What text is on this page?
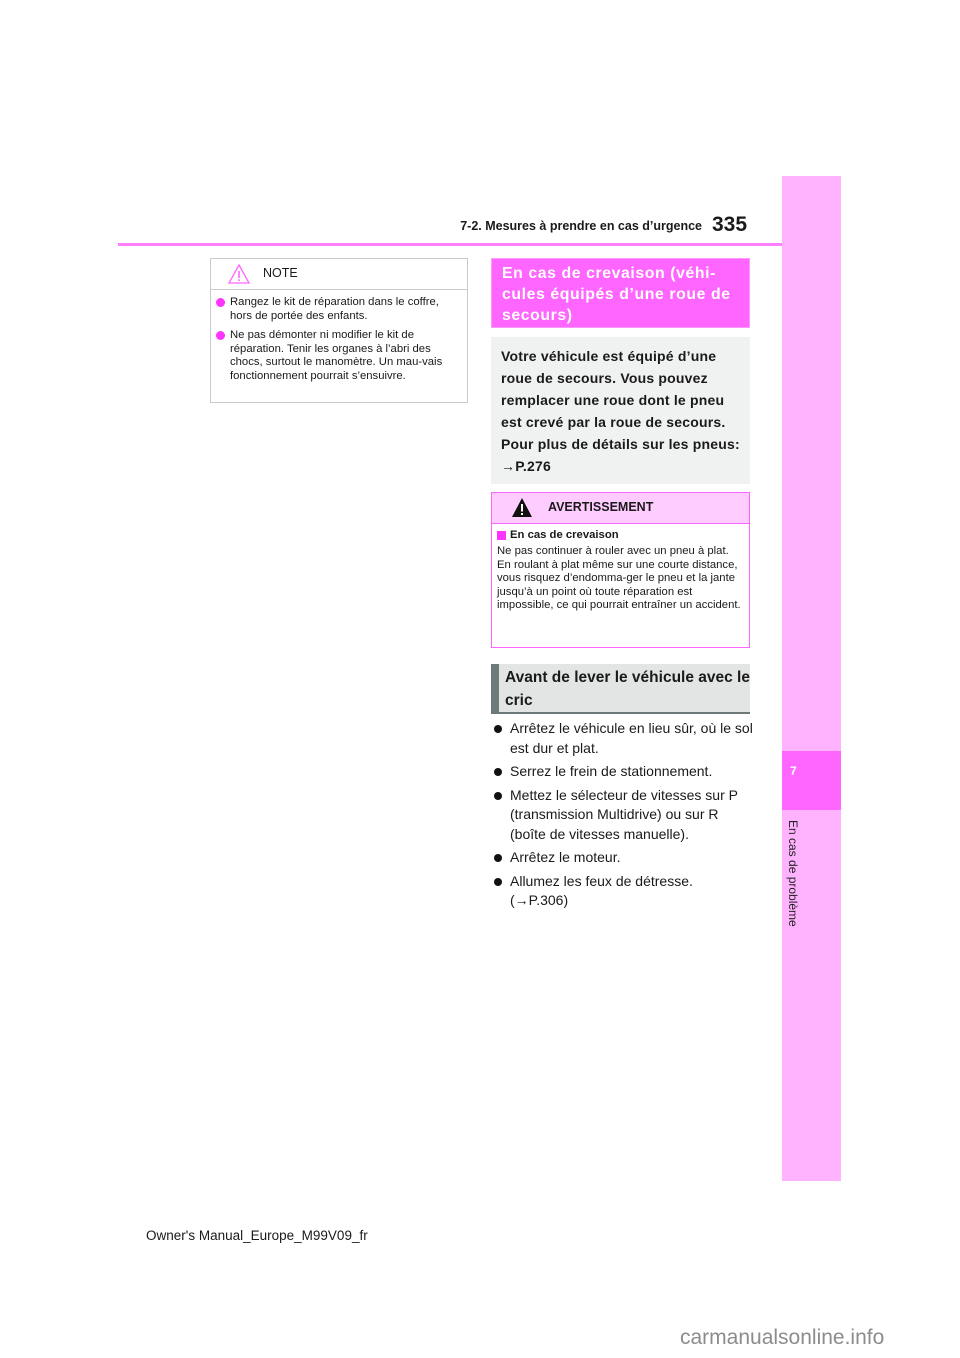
7-2. Mesures à prendre en cas d’urgence 335
7
En cas de problème
NOTE
Rangez le kit de réparation dans le coffre, hors de portée des enfants.
Ne pas démonter ni modifier le kit de réparation. Tenir les organes à l’abri des chocs, surtout le manomètre. Un mau-vais fonctionnement pourrait s’ensuivre.
En cas de crevaison (véhi-cules équipés d’une roue de secours)

Votre véhicule est équipé d’une roue de secours. Vous pouvez remplacer une roue dont le pneu est crevé par la roue de secours.

Pour plus de détails sur les pneus:

→P.276

AVERTISSEMENT
En cas de crevaison
Ne pas continuer à rouler avec un pneu à plat. En roulant à plat même sur une courte distance, vous risquez d’endomma-ger le pneu et la jante jusqu’à un point où toute réparation est impossible, ce qui pourrait entraîner un accident.
Avant de lever le véhicule avec le cric
Arrêtez le véhicule en lieu sûr, où le sol est dur et plat.
Serrez le frein de stationnement.
Mettez le sélecteur de vitesses sur P (transmission Multidrive) ou sur R (boîte de vitesses manuelle).
Arrêtez le moteur.
Allumez les feux de détresse. (→P.306)
Owner's Manual_Europe_M99V09_fr
carmanualsonline.info
